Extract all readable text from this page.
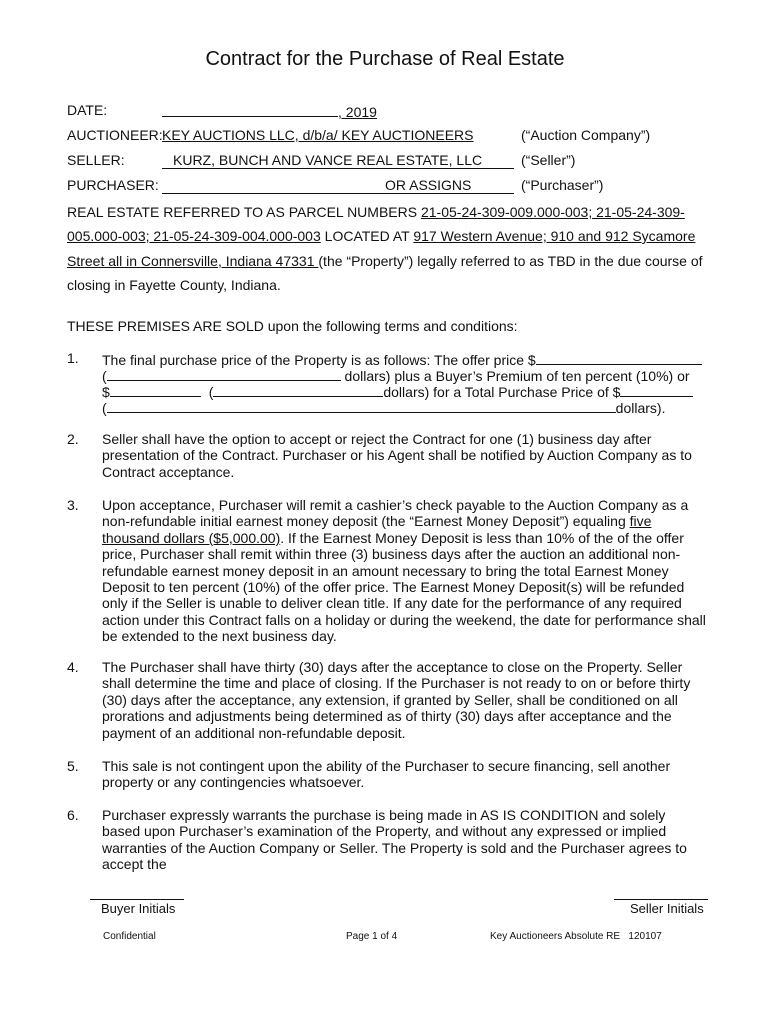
Contract for the Purchase of Real Estate
DATE:	, 2019
AUCTIONEER: KEY AUCTIONS LLC, d/b/a/ KEY AUCTIONEERS	(“Auction Company”)
SELLER:	KURZ, BUNCH AND VANCE REAL ESTATE, LLC	(“Seller”)
PURCHASER:	OR ASSIGNS	(“Purchaser”)
REAL ESTATE REFERRED TO AS PARCEL NUMBERS 21-05-24-309-009.000-003; 21-05-24-309-
005.000-003; 21-05-24-309-004.000-003 LOCATED AT 917 Western Avenue; 910 and 912 Sycamore
Street all in Connersville, Indiana 47331 (the “Property”) legally referred to as TBD in the due course of
closing in Fayette County, Indiana.
THESE PREMISES ARE SOLD upon the following terms and conditions:
1. The final purchase price of the Property is as follows: The offer price $
(	dollars) plus a Buyer’s Premium of ten percent (10%) or
$	(	dollars) for a Total Purchase Price of $
(	dollars).
2. Seller shall have the option to accept or reject the Contract for one (1) business day after presentation of the Contract. Purchaser or his Agent shall be notified by Auction Company as to Contract acceptance.
3. Upon acceptance, Purchaser will remit a cashier’s check payable to the Auction Company as a non-refundable initial earnest money deposit (the “Earnest Money Deposit”) equaling five thousand dollars ($5,000.00). If the Earnest Money Deposit is less than 10% of the of the offer price, Purchaser shall remit within three (3) business days after the auction an additional non-refundable earnest money deposit in an amount necessary to bring the total Earnest Money Deposit to ten percent (10%) of the offer price. The Earnest Money Deposit(s) will be refunded only if the Seller is unable to deliver clean title. If any date for the performance of any required action under this Contract falls on a holiday or during the weekend, the date for performance shall be extended to the next business day.
4. The Purchaser shall have thirty (30) days after the acceptance to close on the Property. Seller shall determine the time and place of closing. If the Purchaser is not ready to on or before thirty (30) days after the acceptance, any extension, if granted by Seller, shall be conditioned on all prorations and adjustments being determined as of thirty (30) days after acceptance and the payment of an additional non-refundable deposit.
5. This sale is not contingent upon the ability of the Purchaser to secure financing, sell another property or any contingencies whatsoever.
6. Purchaser expressly warrants the purchase is being made in AS IS CONDITION and solely based upon Purchaser’s examination of the Property, and without any expressed or implied warranties of the Auction Company or Seller. The Property is sold and the Purchaser agrees to accept the
Buyer Initials	Seller Initials
Confidential	Page 1 of 4	Key Auctioneers Absolute RE   120107
